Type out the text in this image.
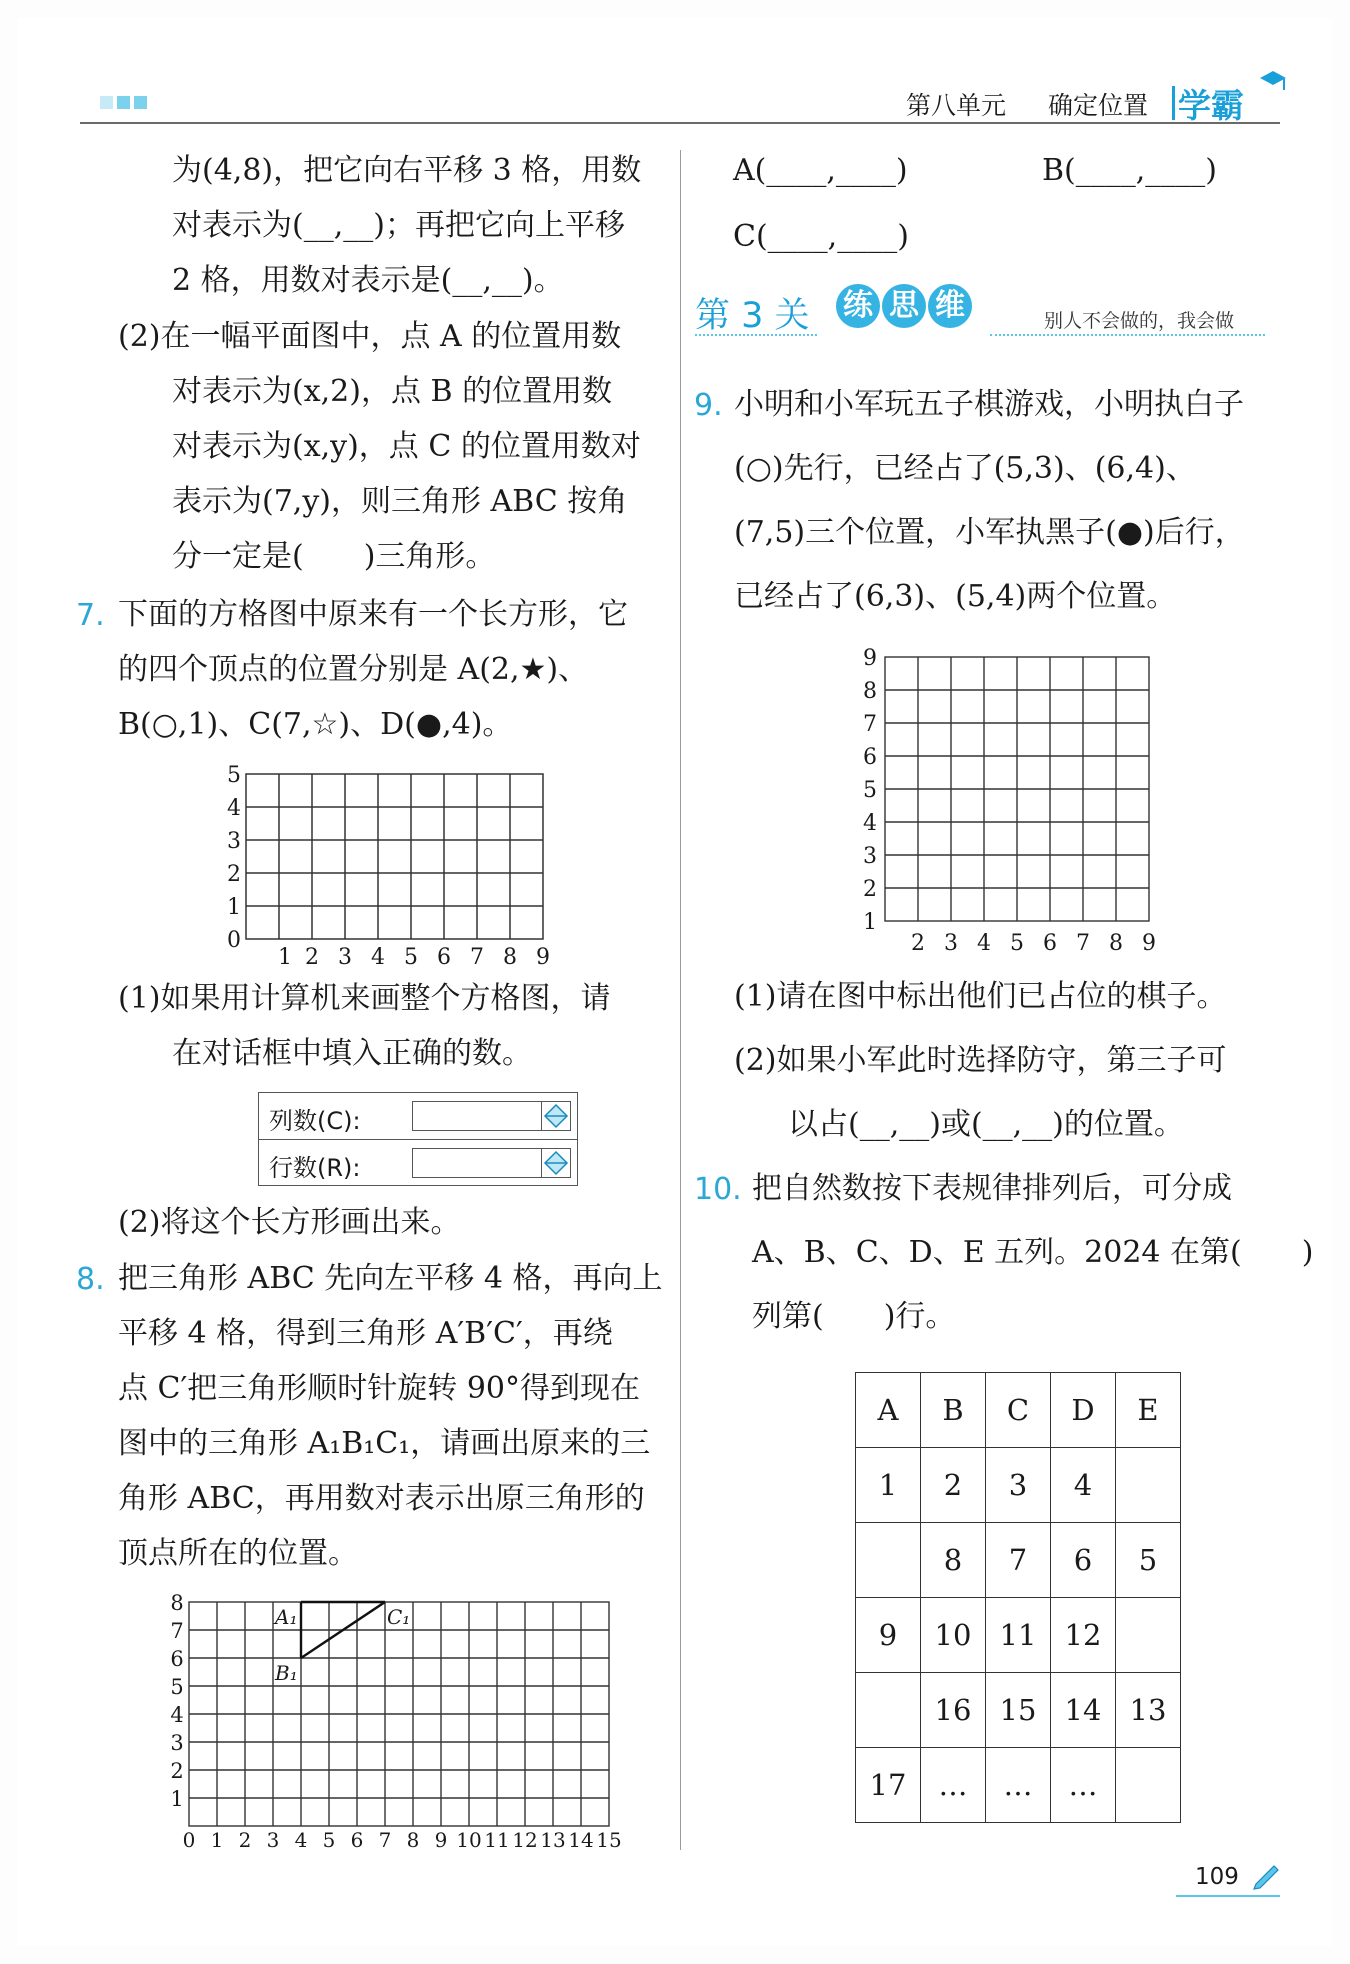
第八单元 确定位置 学霸
为(4,8)，把它向右平移 3 格，用数
对表示为(__,__)；再把它向上平移
2 格，用数对表示是(__,__)。
(2)在一幅平面图中，点 A 的位置用数
对表示为(x,2)，点 B 的位置用数
对表示为(x,y)，点 C 的位置用数对
表示为(7,y)，则三角形 ABC 按角
分一定是(　　)三角形。
7. 下面的方格图中原来有一个长方形，它
的四个顶点的位置分别是 A(2,★)、
B(○,1)、C(7,☆)、D(●,4)。
5
4
3
2
1
0
1 2 3 4 5 6 7 8 9
(1)如果用计算机来画整个方格图，请
在对话框中填入正确的数。
列数(C):
行数(R):
(2)将这个长方形画出来。
8. 把三角形 ABC 先向左平移 4 格，再向上
平移 4 格，得到三角形 A′B′C′，再绕
点 C′把三角形顺时针旋转 90°得到现在
图中的三角形 A₁B₁C₁，请画出原来的三
角形 ABC，再用数对表示出原三角形的
顶点所在的位置。
A₁
B₁
C₁
8
7
6
5
4
3
2
1
0 1 2 3 4 5 6 7 8 9 10 11 12 13 14 15
A(____,____)	B(____,____)
C(____,____)
第 3 关 练 思 维	别人不会做的，我会做
9. 小明和小军玩五子棋游戏，小明执白子
(○)先行，已经占了(5,3)、(6,4)、
(7,5)三个位置，小军执黑子(●)后行，
已经占了(6,3)、(5,4)两个位置。
9
8
7
6
5
4
3
2
1
2 3 4 5 6 7 8 9
(1)请在图中标出他们已占位的棋子。
(2)如果小军此时选择防守，第三子可
以占(__,__)或(__,__)的位置。
10. 把自然数按下表规律排列后，可分成
A、B、C、D、E 五列。2024 在第(　　)
列第(　　)行。
A	B	C	D	E
1	2	3	4	
	8	7	6	5
9	10	11	12	
	16	15	14	13
17	…	…	…	
109
